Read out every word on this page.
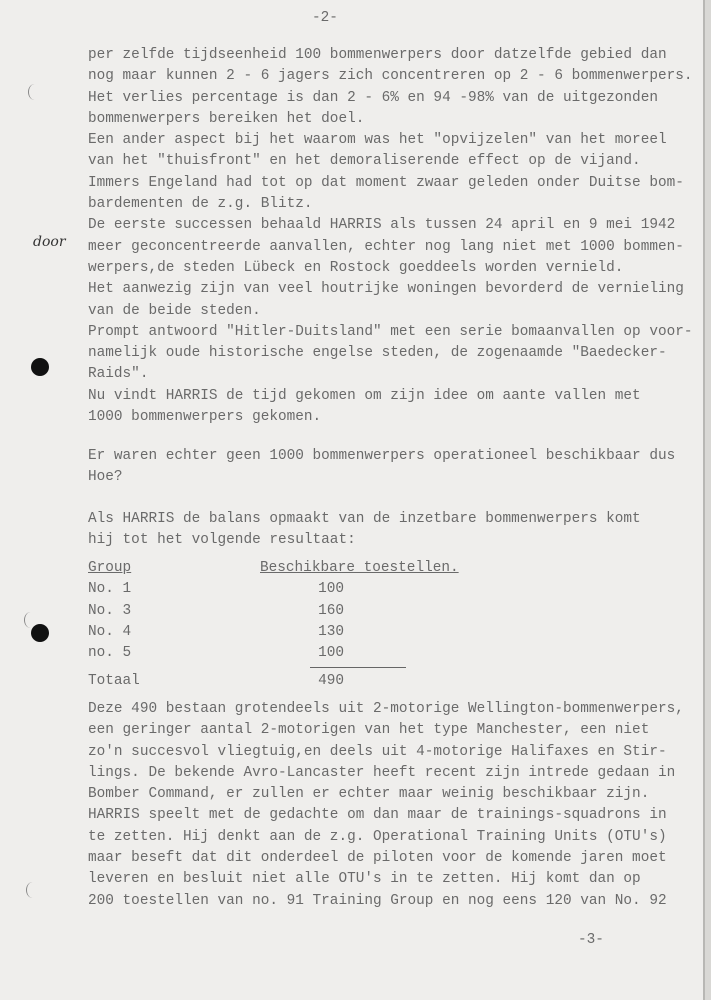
-2-
door
per zelfde tijdseenheid 100 bommenwerpers door datzelfde gebied dan
nog maar kunnen 2 - 6 jagers zich concentreren op 2 - 6 bommenwerpers.
Het verlies percentage is dan 2 - 6% en 94 -98% van de uitgezonden
bommenwerpers bereiken het doel.
Een ander aspect bij het waarom was het "opvijzelen" van het moreel
van het "thuisfront" en het demoraliserende effect op de vijand.
Immers Engeland had tot op dat moment zwaar geleden onder Duitse bom-
bardementen de z.g. Blitz.
De eerste successen behaald HARRIS als tussen 24 april en 9 mei 1942
meer geconcentreerde aanvallen, echter nog lang niet met 1000 bommen-
werpers,de steden Lübeck en Rostock goeddeels worden vernield.
Het aanwezig zijn van veel houtrijke woningen bevorderd de vernieling
van de beide steden.
Prompt antwoord "Hitler-Duitsland" met een serie bomaanvallen op voor-
namelijk oude historische engelse steden, de zogenaamde "Baedecker-
Raids".
Nu vindt HARRIS de tijd gekomen om zijn idee om aante vallen met
1000 bommenwerpers gekomen.
Er waren echter geen 1000 bommenwerpers operationeel beschikbaar dus
Hoe?
Als HARRIS de balans opmaakt van de inzetbare bommenwerpers komt
hij tot het volgende resultaat:
Group	Beschikbare toestellen.
No. 1	100
No. 3	160
No. 4	130
no. 5	100
Totaal	490
Deze 490 bestaan grotendeels uit 2-motorige Wellington-bommenwerpers,
een geringer aantal 2-motorigen van het type Manchester, een niet
zo'n succesvol vliegtuig,en deels uit 4-motorige Halifaxes en Stir-
lings. De bekende Avro-Lancaster heeft recent zijn intrede gedaan in
Bomber Command, er zullen er echter maar weinig beschikbaar zijn.
HARRIS speelt met de gedachte om dan maar de trainings-squadrons in
te zetten. Hij denkt aan de z.g. Operational Training Units (OTU's)
maar beseft dat dit onderdeel de piloten voor de komende jaren moet
leveren en besluit niet alle OTU's in te zetten. Hij komt dan op
200 toestellen van no. 91 Training Group en nog eens 120 van No. 92
-3-
